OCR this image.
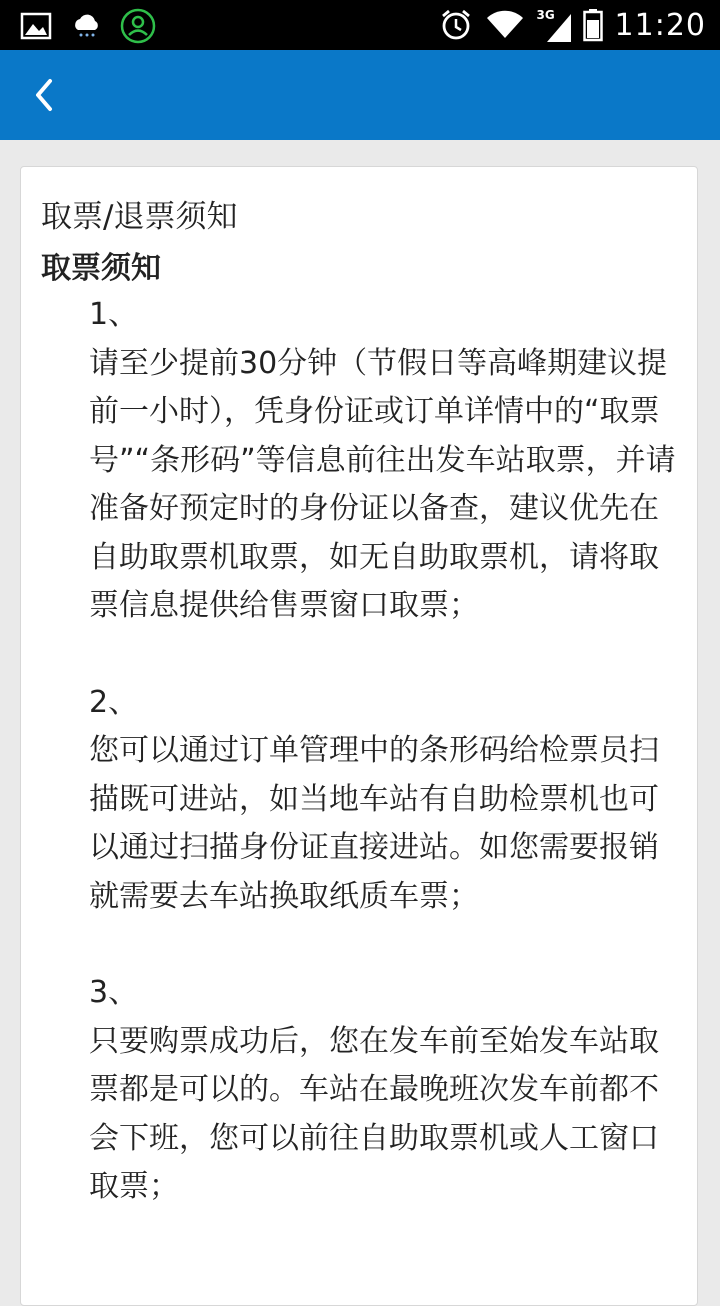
3G 11:20
取票/退票须知
取票须知
1、
请至少提前30分钟（节假日等高峰期建议提前一小时），凭身份证或订单详情中的“取票号”“条形码”等信息前往出发车站取票，并请准备好预定时的身份证以备查，建议优先在自助取票机取票，如无自助取票机，请将取票信息提供给售票窗口取票；
2、
您可以通过订单管理中的条形码给检票员扫描既可进站，如当地车站有自助检票机也可以通过扫描身份证直接进站。如您需要报销就需要去车站换取纸质车票；
3、
只要购票成功后，您在发车前至始发车站取票都是可以的。车站在最晚班次发车前都不会下班，您可以前往自助取票机或人工窗口取票；
